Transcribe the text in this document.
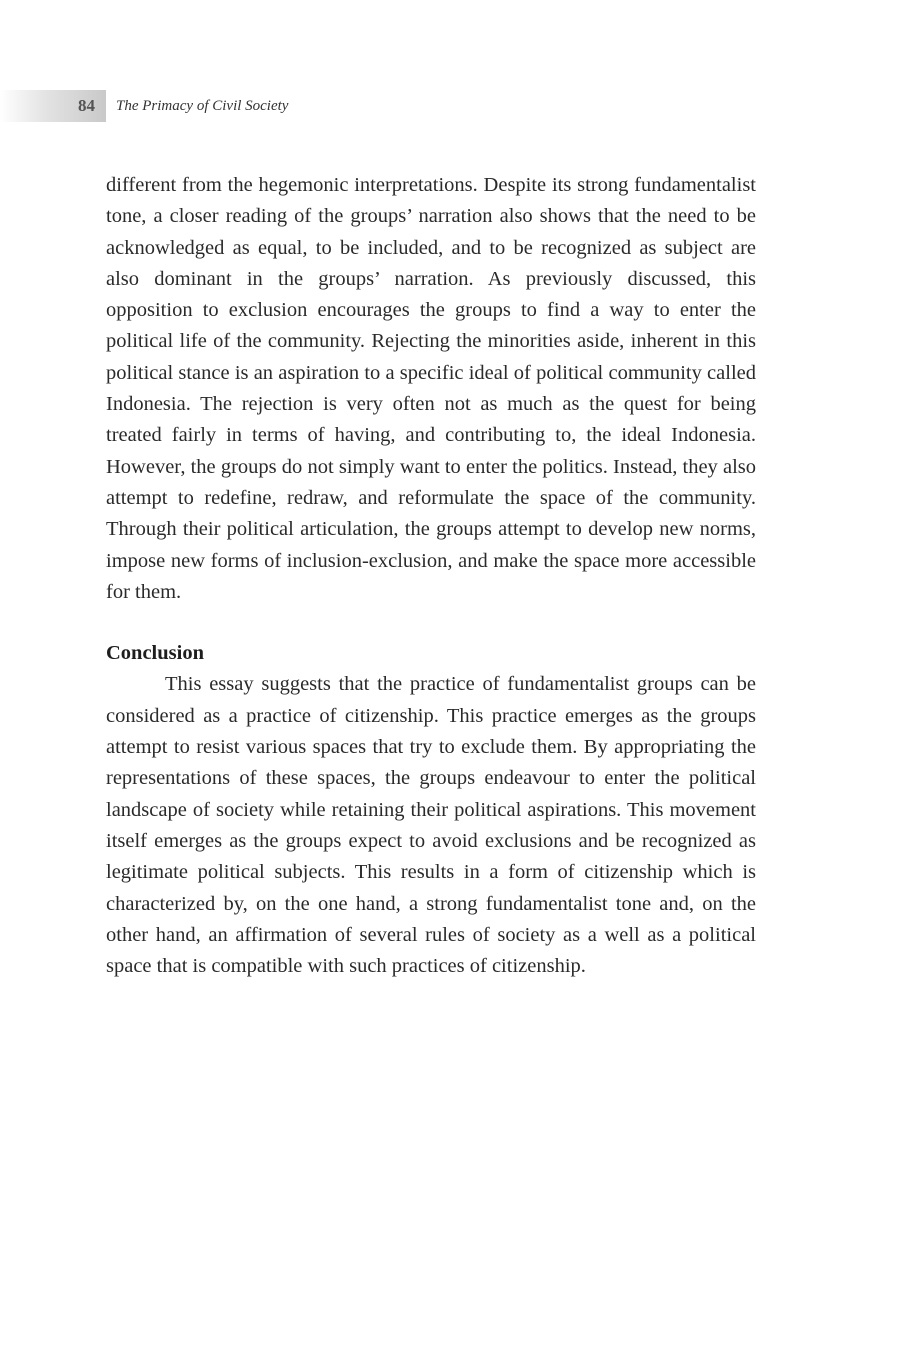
84 The Primacy of Civil Society

different from the hegemonic interpretations. Despite its strong fundamentalist tone, a closer reading of the groups’ narration also shows that the need to be acknowledged as equal, to be included, and to be recognized as subject are also dominant in the groups’ narration. As previously discussed, this opposition to exclusion encourages the groups to find a way to enter the political life of the community. Rejecting the minorities aside, inherent in this political stance is an aspiration to a specific ideal of political community called Indonesia. The rejection is very often not as much as the quest for being treated fairly in terms of having, and contributing to, the ideal Indonesia. However, the groups do not simply want to enter the politics. Instead, they also attempt to redefine, redraw, and reformulate the space of the community. Through their political articulation, the groups attempt to develop new norms, impose new forms of inclusion-exclusion, and make the space more accessible for them.

Conclusion

This essay suggests that the practice of fundamentalist groups can be considered as a practice of citizenship. This practice emerges as the groups attempt to resist various spaces that try to exclude them. By appropriating the representations of these spaces, the groups endeavour to enter the political landscape of society while retaining their political aspirations. This movement itself emerges as the groups expect to avoid exclusions and be recognized as legitimate political subjects. This results in a form of citizenship which is characterized by, on the one hand, a strong fundamentalist tone and, on the other hand, an affirmation of several rules of society as a well as a political space that is compatible with such practices of citizenship.
